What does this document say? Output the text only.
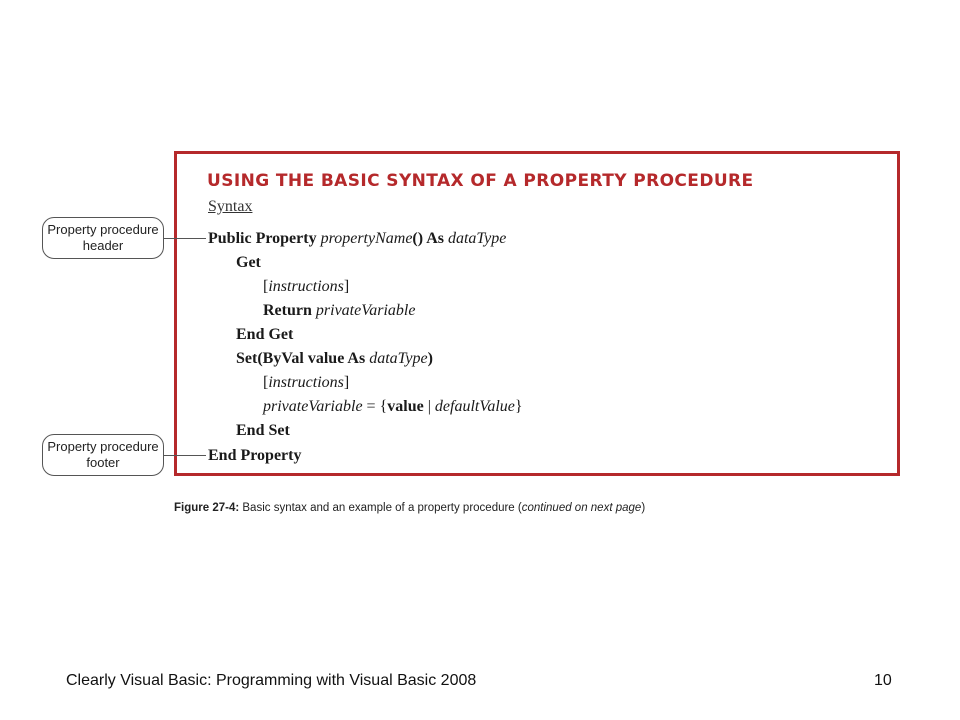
USING THE BASIC SYNTAX OF A PROPERTY PROCEDURE
Syntax
Public Property propertyName() As dataType
Get
[instructions]
Return privateVariable
End Get
Set(ByVal value As dataType)
[instructions]
privateVariable = {value | defaultValue}
End Set
End Property
Property procedure header
Property procedure footer
Figure 27-4: Basic syntax and an example of a property procedure (continued on next page)
Clearly Visual Basic: Programming with Visual Basic 2008	10
